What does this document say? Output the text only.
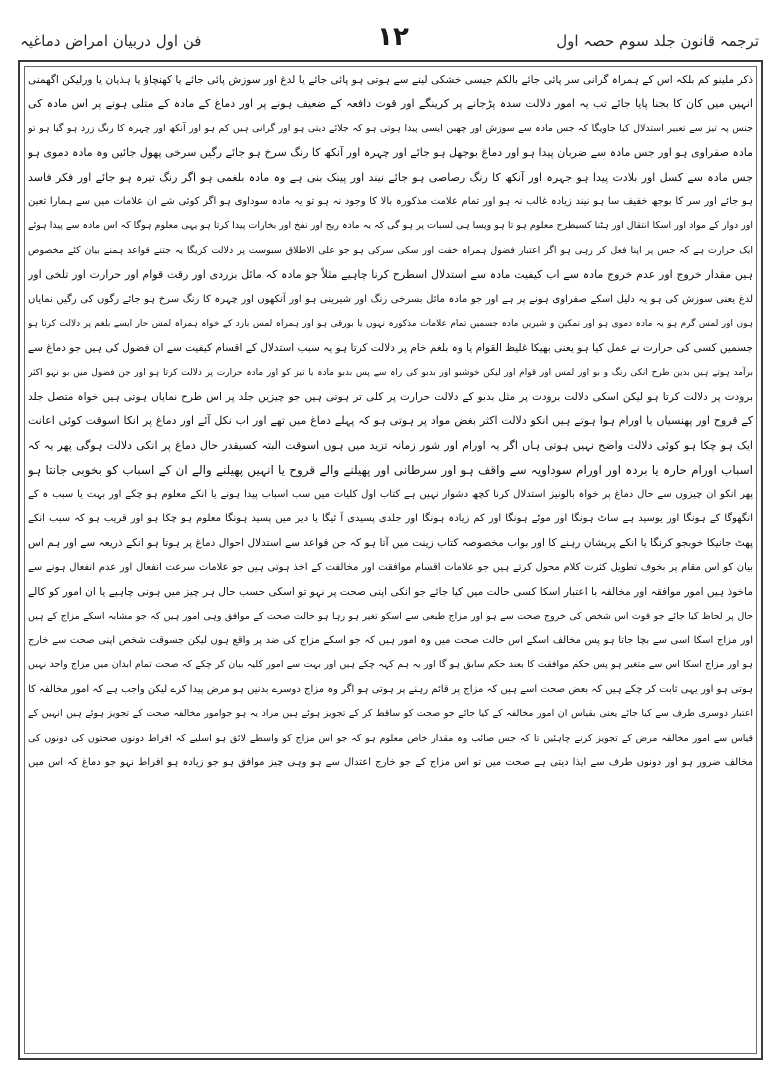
فن اول دربیان امراض دماغیہ	۱۲	ترجمہ قانون جلد سوم حصہ اول
ذکر ملینو کم بلکہ اس کے ہمراہ گرانی سر پائی جائے بالکم جیسی خشکی لینے سے ہوتی ہو پائی جائے یا لدغ اور سوزش پائی جائے یا کھنچاؤ یا ہذیان یا ورلیکن اگھمنی
انہیں میں کان کا بجنا پایا جائے تب یہ امور دلالت سدہ پڑجانے پر کرینگے اور قوت دافعہ کے ضعیف ہونے پر اور دماغ کے مادہ کے متلی ہونے پر اس مادہ کی
جنس پہ تیز سے تعبیر استدلال کیا جاویگا کہ جس مادہ سے سوزش اور چھبن ایسی پیدا ہوتی ہو کہ جلائے دیتی ہو اور گرانی ہیں کم ہو اور آنکھ اور چہرہ کا رنگ زرد ہو گیا ہو تو
مادہ صفراوی ہو اور جس مادہ سے ضربان پیدا ہو اور دماغ بوجھل ہو جائے اور چہرہ اور آنکھ کا رنگ سرخ ہو جائے رگیں سرخی پھول جائیں وہ مادہ دموی ہو
جس مادہ سے کسل اور بلادت پیدا ہو جہرہ اور آنکھ کا رنگ رصاصی ہو جائے نیند اور پینک بنی ہے وہ مادہ بلغمی ہو اگر رنگ تیرہ ہو جائے اور فکر فاسد
ہو جائے اور سر کا بوجھ خفیف سا ہو نیند زیادہ غالب نہ ہو اور تمام علامت مذکورہ بالا کا وجود نہ ہو تو یہ مادہ سوداوی ہو اگر کوئی شے ان علامات میں سے ہمارا تعین
اور دوار کے مواد اور اسکا انتقال اور ہٹنا کسیطرح معلوم ہو تا ہو ویسا ہی لسبات پر ہو گی کہ یہ مادہ ریح اور نفخ اور بخارات پیدا کرتا ہو یہی معلوم ہوگا کہ اس مادہ سے پیدا ہوئے
ایک حرارت ہے کہ جس پر اپنا فعل کر رہی ہو اگر اعتبار فضول ہمراہ خفت اور سکی سرکی ہو جو علی الاطلاق سبوست پر دلالت کریگا یہ جتنے قواعد ہمنے بیان کئے مخصوص
ہیں مقدار خروج اور عدم خروج مادہ سے اب کیفیت مادہ سے استدلال اسطرح کرنا چاہیے مثلاً جو مادہ کہ مائل بزردی اور رقت قوام اور حرارت اور تلخی اور
لدغ یعنی سوزش کی ہو یہ دلیل اسکے صفراوی ہونے پر ہے اور جو مادہ مائل بسرخی رنگ اور شیرینی ہو اور آنکھوں اور چہرہ کا رنگ سرخ ہو جائے رگوں کی رگیں نمایاں
ہوں اور لمس گرم ہو یہ مادہ دموی ہو اور نمکین و شیریں مادہ جسمیں تمام علامات مذکورہ نہوں یا بورقی ہو اور ہمراہ لمس بارد کے خواہ ہمراہ لمس حار ایسے بلغم پر دلالت کرتا ہو
جسمیں کسی کی حرارت نے عمل کیا ہو یعنی بھیکا غلیظ القوام یا وہ بلغم خام پر دلالت کرتا ہو یہ سبب استدلال کے اقسام کیفیت سے ان فضول کی ہیں جو دماغ سے
برآمد ہوتے ہیں بدین طرح انکی رنگ و بو اور لمس اور قوام اور لیکن خوشبو اور بدبو کی راہ سے پس بدبو مادہ یا تیز کو اور مادہ حرارت پر دلالت کرتا ہو اور جن فضول میں بو نہو اکثر
برودت پر دلالت کرتا ہو لیکن اسکی دلالت برودت پر مثل بدبو کے دلالت حرارت پر کلی تر ہوتی ہیں جو چیزیں جلد پر اس طرح نمایاں ہوتی ہیں خواہ متصل جلد
کے قروح اور پھنسیاں یا اورام ہوا ہوتے ہیں انکو دلالت اکثر بغض مواد پر ہوتی ہو کہ پہلے دماغ میں تھے اور اب نکل آئے اور دماغ پر انکا اسوقت کوئی اعانت
ایک ہو چکا ہو کوئی دلالت واضح نہیں ہوتی ہاں اگر یہ اورام اور شور زمانہ تزید میں ہوں اسوقت البتہ کسیقدر حال دماغ پر انکی دلالت ہوگی پھر یہ کہ
اسباب اورام حارہ یا بردہ اور اورام سوداویہ سے واقف ہو اور سرطانی اور پھیلنے والے قروح یا انہیں پھیلنے والے ان کے اسباب کو بخوبی جانتا ہو
پھر انکو ان چیزوں سے حال دماغ پر خواہ بالونیز استدلال کرنا کچھ دشوار نہیں ہے کتاب اول کلیات میں سب اسباب پیدا ہونے یا انکے معلوم ہو چکے اور بہت یا سبب ہ کے
انگھوگا کے ہونگا اور یوسید ہے ساٹ ہونگا اور موٹے ہونگا اور کم زیادہ ہونگا اور جلدی پسیدی آ ئیگا یا دیر میں پسید ہونگا معلوم ہو چکا ہو اور قریب ہو کہ سبب انکے
پھٹ جانیکا خوبجو کرنگا یا انکے پریشان رہنے کا اور بواب مخصوصہ کتاب زینت میں آتا ہو کہ جن قواعد سے استدلال احوال دماغ پر ہوتا ہو انکے ذریعہ سے اور ہم اس
بیان کو اس مقام پر بخوف تطویل کثرت کلام محول کرتے ہیں جو علامات اقسام موافقت اور مخالفت کے اخذ ہوتی ہیں جو علامات سرعت انفعال اور عدم انفعال ہونے سے
ماخوذ ہیں امور موافقہ اور مخالفہ با اعتبار اسکا کسی حالت میں کیا جائے جو انکی اپنی صحت پر نہو تو اسکی حسب حال ہر چیز میں ہونی چاہیے یا ان امور کو کالے
حال پر لحاظ کیا جائے جو قوت اس شخص کی خروج صحت سے ہو اور مزاج طبعی سے اسکو تغیر ہو رہا ہو حالت صحت کے موافق وہی امور ہیں کہ جو مشابہ اسکے مزاج کے ہیں
اور مزاج اسکا اسی سے بچا جاتا ہو پس مخالف اسکے اس حالت صحت میں وہ امور ہیں کہ جو اسکے مزاج کی ضد پر واقع ہوں لیکن جسوقت شخص اپنی صحت سے خارج
ہو اور مزاج اسکا اس سے متغیر ہو پس حکم موافقت کا بعند حکم سابق ہو گا اور یہ ہم کہہ چکے ہیں اور بہت سے امور کلیہ بیان کر چکے کہ صحت تمام ابدان میں مزاج واحد نہیں
ہوتی ہو اور یہی ثابت کر چکے ہیں کہ بعض صحت اسے ہیں کہ مزاج پر قائم رہنے پر ہوتی ہو اگر وہ مزاج دوسرے بدنیں ہو مرض پیدا کرے لیکن واجب ہے کہ امور مخالفہ کا
اعتبار دوسری طرف سے کیا جائے یعنی بقیاس ان امور مخالفہ کے کیا جائے جو صحت کو ساقط کر کے تجویز ہوئے ہیں مراد یہ ہو جوامور مخالفہ صحت کے تجویز ہوئے ہیں انہیں کے
قیاس سے امور مخالفہ مرض کے تجویز کرنے چاہئیں تا کہ جس صائب وہ مقدار خاص معلوم ہو کہ جو اس مزاج کو واسطے لائق ہو اسلیے کہ افراط دونوں صحتوں کی دونوں کی
مخالف ضرور ہو اور دونوں طرف سے ایذا دیتی ہے صحت میں تو اس مزاج کے جو خارج اعتدال سے ہو وہی چیز موافق ہو جو زیادہ ہو افراط نہو جو دماغ کہ اس میں
